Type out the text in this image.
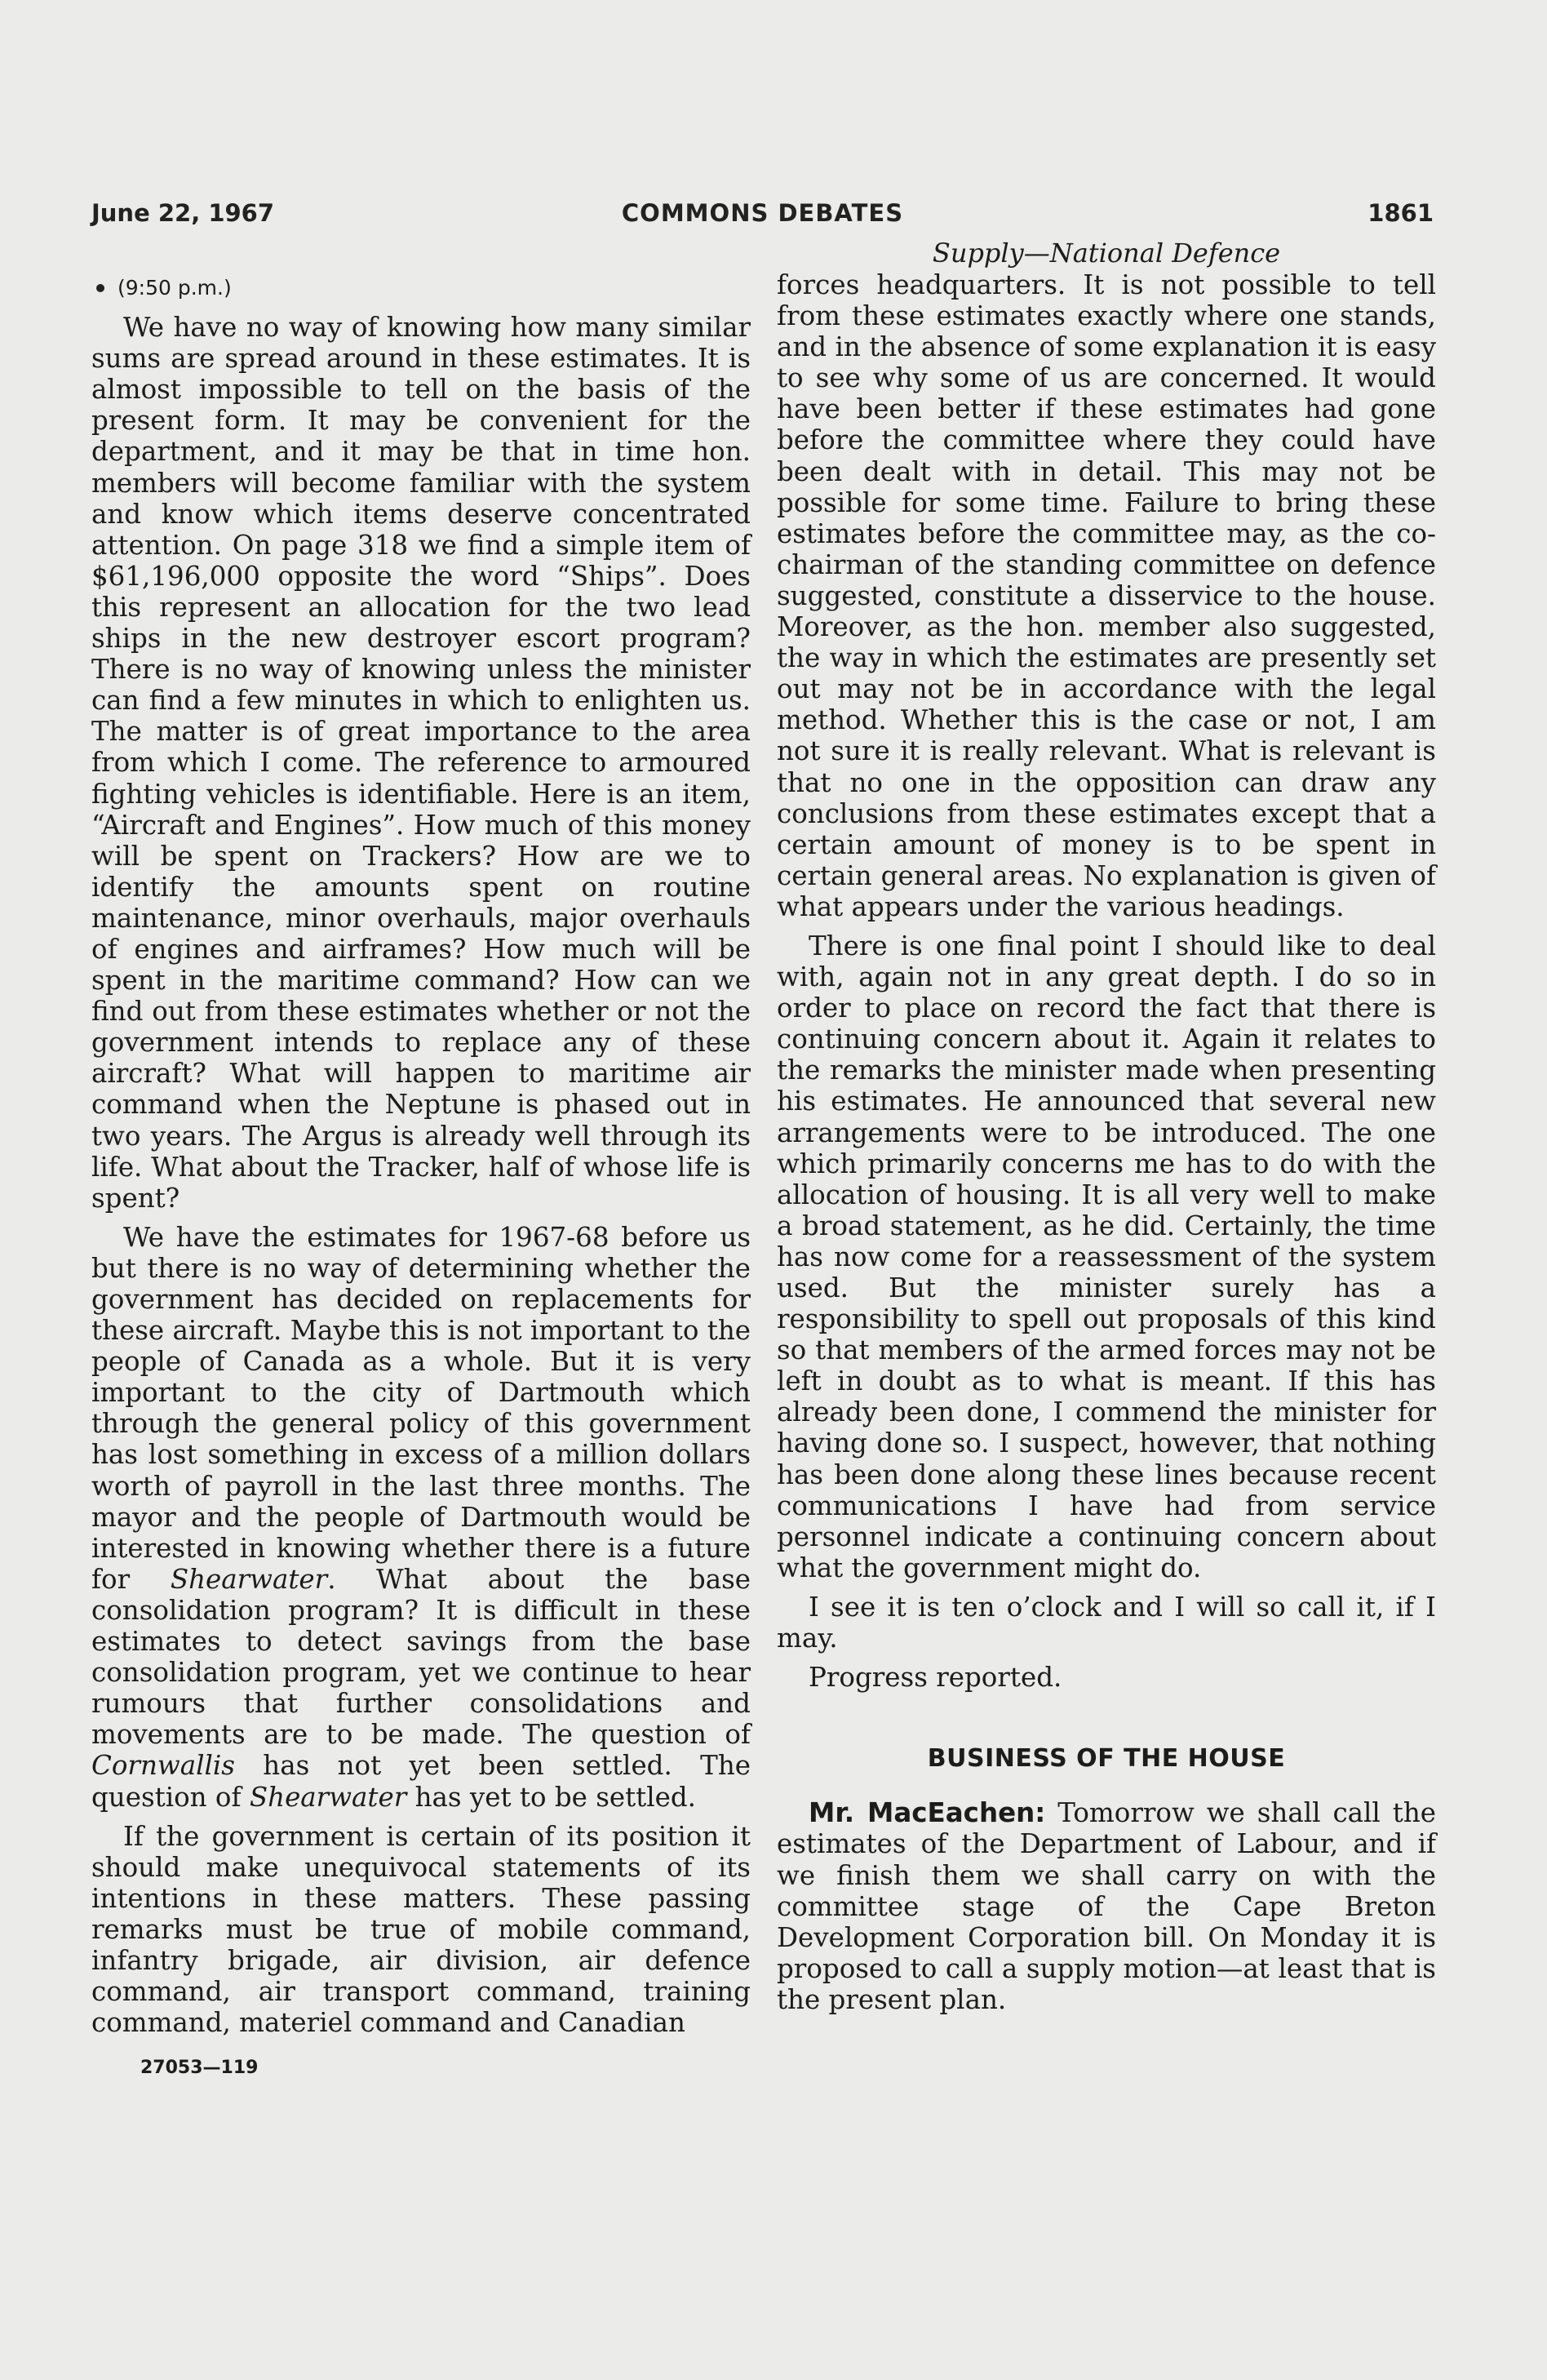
June 22, 1967	COMMONS DEBATES	1861
(9:50 p.m.)

We have no way of knowing how many similar sums are spread around in these estimates. It is almost impossible to tell on the basis of the present form. It may be convenient for the department, and it may be that in time hon. members will become familiar with the system and know which items deserve concentrated attention. On page 318 we find a simple item of $61,196,000 opposite the word “Ships”. Does this represent an allocation for the two lead ships in the new destroyer escort program? There is no way of knowing unless the minister can find a few minutes in which to enlighten us. The matter is of great importance to the area from which I come. The reference to armoured fighting vehicles is identifiable. Here is an item, “Aircraft and Engines”. How much of this money will be spent on Trackers? How are we to identify the amounts spent on routine maintenance, minor overhauls, major overhauls of engines and airframes? How much will be spent in the maritime command? How can we find out from these estimates whether or not the government intends to replace any of these aircraft? What will happen to maritime air command when the Neptune is phased out in two years. The Argus is already well through its life. What about the Tracker, half of whose life is spent?

We have the estimates for 1967-68 before us but there is no way of determining whether the government has decided on replacements for these aircraft. Maybe this is not important to the people of Canada as a whole. But it is very important to the city of Dartmouth which through the general policy of this government has lost something in excess of a million dollars worth of payroll in the last three months. The mayor and the people of Dartmouth would be interested in knowing whether there is a future for Shearwater. What about the base consolidation program? It is difficult in these estimates to detect savings from the base consolidation program, yet we continue to hear rumours that further consolidations and movements are to be made. The question of Cornwallis has not yet been settled. The question of Shearwater has yet to be settled.

If the government is certain of its position it should make unequivocal statements of its intentions in these matters. These passing remarks must be true of mobile command, infantry brigade, air division, air defence command, air transport command, training command, materiel command and Canadian

27053—119
Supply—National Defence

forces headquarters. It is not possible to tell from these estimates exactly where one stands, and in the absence of some explanation it is easy to see why some of us are concerned. It would have been better if these estimates had gone before the committee where they could have been dealt with in detail. This may not be possible for some time. Failure to bring these estimates before the committee may, as the co-chairman of the standing committee on defence suggested, constitute a disservice to the house. Moreover, as the hon. member also suggested, the way in which the estimates are presently set out may not be in accordance with the legal method. Whether this is the case or not, I am not sure it is really relevant. What is relevant is that no one in the opposition can draw any conclusions from these estimates except that a certain amount of money is to be spent in certain general areas. No explanation is given of what appears under the various headings.

There is one final point I should like to deal with, again not in any great depth. I do so in order to place on record the fact that there is continuing concern about it. Again it relates to the remarks the minister made when presenting his estimates. He announced that several new arrangements were to be introduced. The one which primarily concerns me has to do with the allocation of housing. It is all very well to make a broad statement, as he did. Certainly, the time has now come for a reassessment of the system used. But the minister surely has a responsibility to spell out proposals of this kind so that members of the armed forces may not be left in doubt as to what is meant. If this has already been done, I commend the minister for having done so. I suspect, however, that nothing has been done along these lines because recent communications I have had from service personnel indicate a continuing concern about what the government might do.

I see it is ten o’clock and I will so call it, if I may.

Progress reported.

BUSINESS OF THE HOUSE

Mr. MacEachen: Tomorrow we shall call the estimates of the Department of Labour, and if we finish them we shall carry on with the committee stage of the Cape Breton Development Corporation bill. On Monday it is proposed to call a supply motion—at least that is the present plan.
